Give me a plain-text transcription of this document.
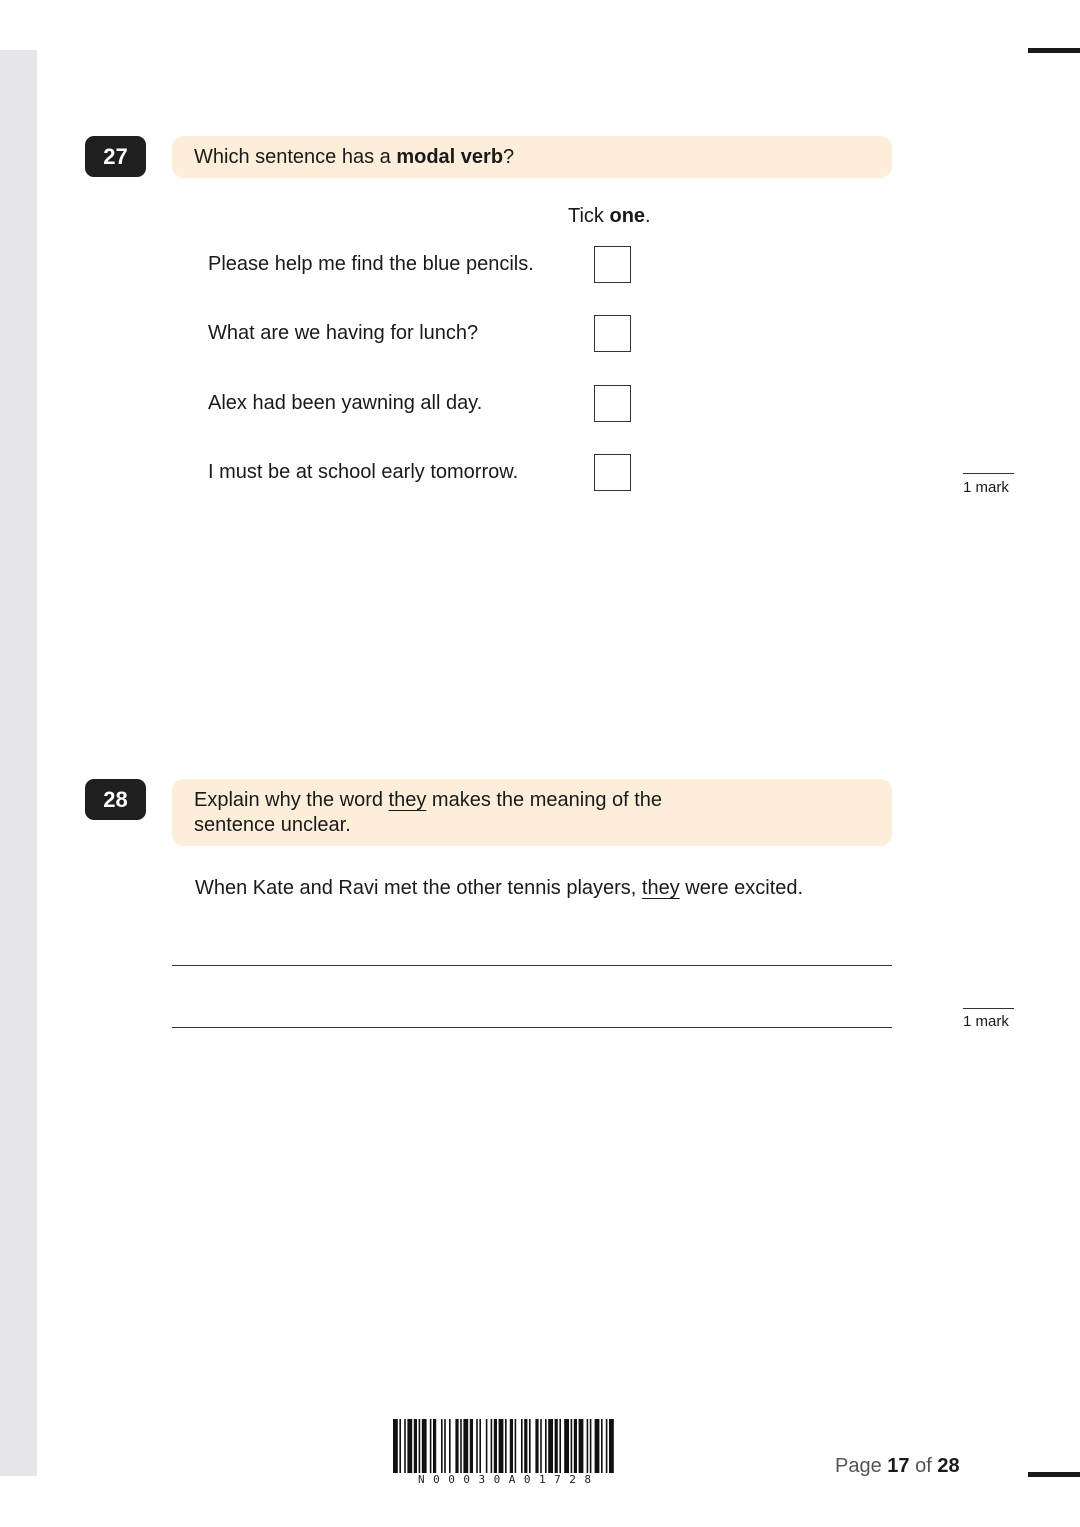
27	Which sentence has a modal verb?
Tick one.
Please help me find the blue pencils.
What are we having for lunch?
Alex had been yawning all day.
I must be at school early tomorrow.
1 mark
28	Explain why the word they makes the meaning of the
sentence unclear.
When Kate and Ravi met the other tennis players, they were excited.
1 mark
N00030A01728
Page 17 of 28
